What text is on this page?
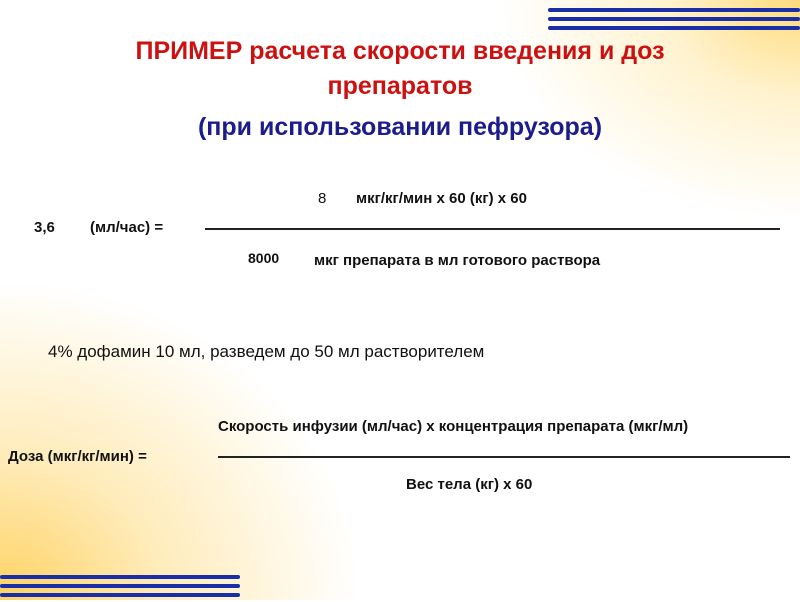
ПРИМЕР расчета скорости введения и доз
препаратов
(при использовании пефрузора)
3,6 (мл/час) =
8 мкг/кг/мин х 60 (кг) х 60
8000 мкг препарата в мл готового раствора
4% дофамин 10 мл, разведем до 50 мл растворителем
Скорость инфузии (мл/час) х концентрация препарата (мкг/мл)
Доза (мкг/кг/мин) =
Вес тела (кг) х 60
